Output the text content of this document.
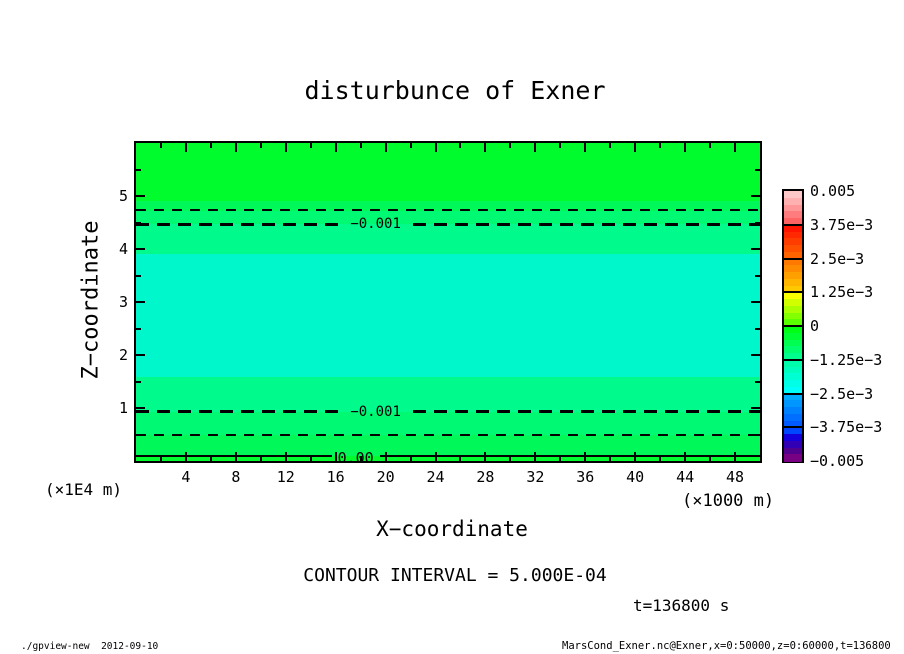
disturbunce of Exner
Z−coordinate
(×1E4 m)
−0.001
−0.001
0.00
4	8 12 16 20 24 28 32 36 40 44 48
1
2
3
4
5
X−coordinate
(×1000 m)
0.005
3.75e−3
2.5e−3
1.25e−3
0
−1.25e−3
−2.5e−3
−3.75e−3
−0.005
CONTOUR INTERVAL = 5.000E-04
t=136800 s
./gpview-new  2012-09-10	MarsCond_Exner.nc@Exner,x=0:50000,z=0:60000,t=136800
